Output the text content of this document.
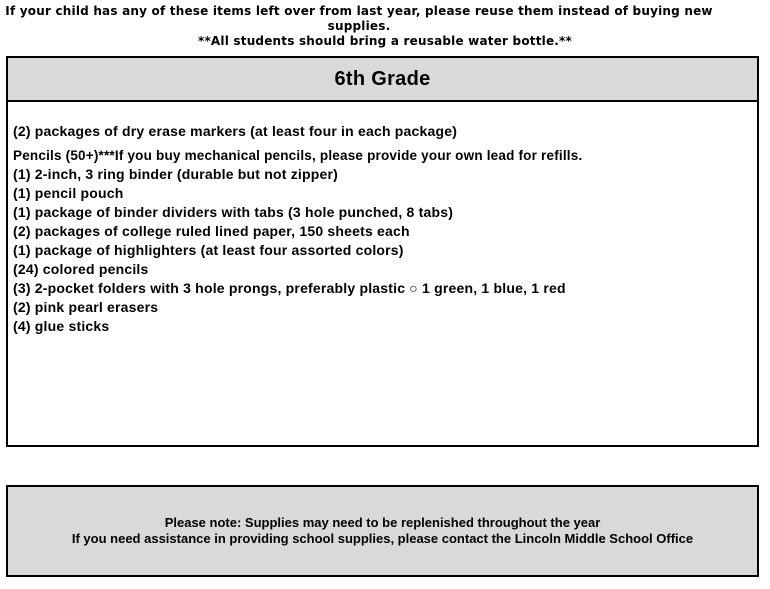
If your child has any of these items left over from last year, please reuse them instead of buying new supplies.
**All students should bring a reusable water bottle.**
6th Grade
(2) packages of dry erase markers (at least four in each package)
Pencils (50+)***If you buy mechanical pencils, please provide your own lead for refills.
(1) 2-inch, 3 ring binder (durable but not zipper)
(1) pencil pouch
(1) package of binder dividers with tabs (3 hole punched, 8 tabs)
(2) packages of college ruled lined paper, 150 sheets each
(1) package of highlighters (at least four assorted colors)
(24) colored pencils
(3) 2-pocket folders with 3 hole prongs, preferably plastic ○ 1 green, 1 blue, 1 red
(2) pink pearl erasers
(4) glue sticks
Please note: Supplies may need to be replenished throughout the year
If you need assistance in providing school supplies, please contact the Lincoln Middle School Office
